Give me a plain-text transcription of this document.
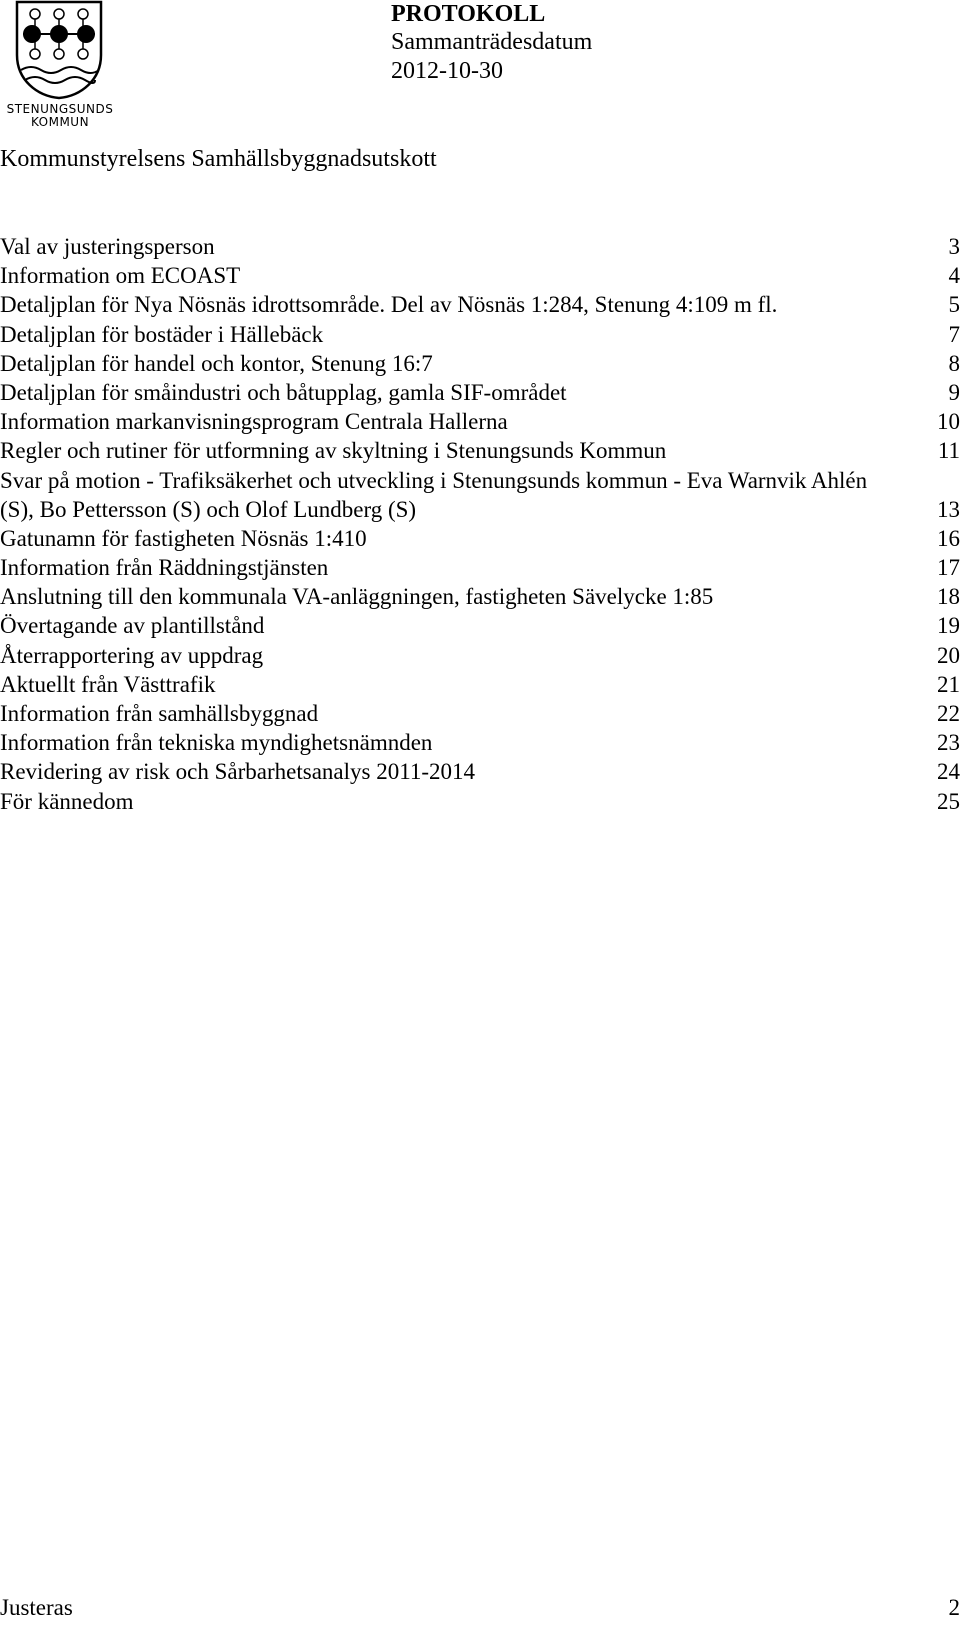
STENUNGSUNDS
KOMMUN
PROTOKOLL
Sammanträdesdatum
2012-10-30
Kommunstyrelsens Samhällsbyggnadsutskott
Val av justeringsperson	3
Information om ECOAST	4
Detaljplan för Nya Nösnäs idrottsområde. Del av Nösnäs 1:284, Stenung 4:109 m fl.	5
Detaljplan för bostäder i Hällebäck	7
Detaljplan för handel och kontor, Stenung 16:7	8
Detaljplan för småindustri och båtupplag, gamla SIF-området	9
Information markanvisningsprogram Centrala Hallerna	10
Regler och rutiner för utformning av skyltning i Stenungsunds Kommun	11
Svar på motion - Trafiksäkerhet och utveckling i Stenungsunds kommun - Eva Warnvik Ahlén (S), Bo Pettersson (S) och Olof Lundberg (S)	13
Gatunamn för fastigheten Nösnäs 1:410	16
Information från Räddningstjänsten	17
Anslutning till den kommunala VA-anläggningen, fastigheten Sävelycke 1:85	18
Övertagande av plantillstånd	19
Återrapportering av uppdrag	20
Aktuellt från Västtrafik	21
Information från samhällsbyggnad	22
Information från tekniska myndighetsnämnden	23
Revidering av risk och Sårbarhetsanalys 2011-2014	24
För kännedom	25
Justeras	2
